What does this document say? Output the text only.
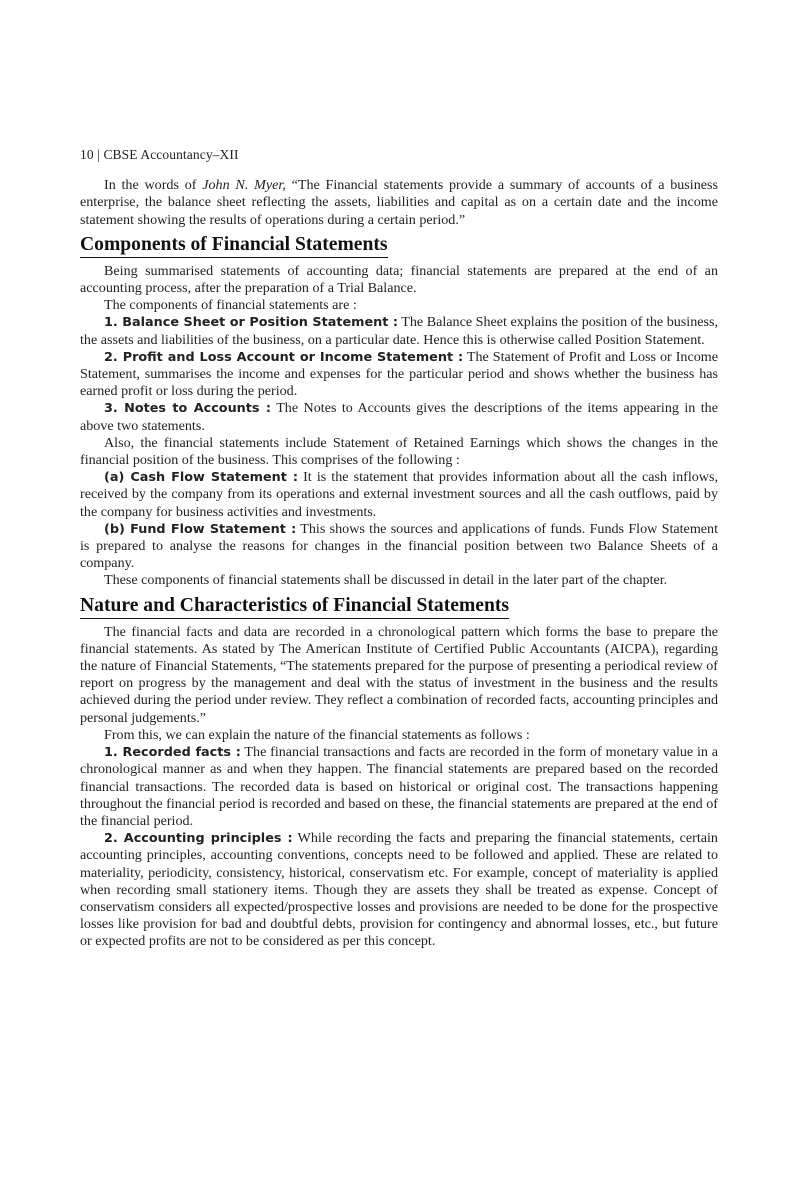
10 | CBSE Accountancy–XII

In the words of John N. Myer, “The Financial statements provide a summary of accounts of a business enterprise, the balance sheet reflecting the assets, liabilities and capital as on a certain date and the income statement showing the results of operations during a certain period.”

Components of Financial Statements

Being summarised statements of accounting data; financial statements are prepared at the end of an accounting process, after the preparation of a Trial Balance.

The components of financial statements are :

1. Balance Sheet or Position Statement : The Balance Sheet explains the position of the business, the assets and liabilities of the business, on a particular date. Hence this is otherwise called Position Statement.

2. Profit and Loss Account or Income Statement : The Statement of Profit and Loss or Income Statement, summarises the income and expenses for the particular period and shows whether the business has earned profit or loss during the period.

3. Notes to Accounts : The Notes to Accounts gives the descriptions of the items appearing in the above two statements.

Also, the financial statements include Statement of Retained Earnings which shows the changes in the financial position of the business. This comprises of the following :

(a) Cash Flow Statement : It is the statement that provides information about all the cash inflows, received by the company from its operations and external investment sources and all the cash outflows, paid by the company for business activities and investments.

(b) Fund Flow Statement : This shows the sources and applications of funds. Funds Flow Statement is prepared to analyse the reasons for changes in the financial position between two Balance Sheets of a company.

These components of financial statements shall be discussed in detail in the later part of the chapter.

Nature and Characteristics of Financial Statements

The financial facts and data are recorded in a chronological pattern which forms the base to prepare the financial statements. As stated by The American Institute of Certified Public Accountants (AICPA), regarding the nature of Financial Statements, “The statements prepared for the purpose of presenting a periodical review of report on progress by the management and deal with the status of investment in the business and the results achieved during the period under review. They reflect a combination of recorded facts, accounting principles and personal judgements.”

From this, we can explain the nature of the financial statements as follows :

1. Recorded facts : The financial transactions and facts are recorded in the form of monetary value in a chronological manner as and when they happen. The financial statements are prepared based on the recorded financial transactions. The recorded data is based on historical or original cost. The transactions happening throughout the financial period is recorded and based on these, the financial statements are prepared at the end of the financial period.

2. Accounting principles : While recording the facts and preparing the financial statements, certain accounting principles, accounting conventions, concepts need to be followed and applied. These are related to materiality, periodicity, consistency, historical, conservatism etc. For example, concept of materiality is applied when recording small stationery items. Though they are assets they shall be treated as expense. Concept of conservatism considers all expected/prospective losses and provisions are needed to be done for the prospective losses like provision for bad and doubtful debts, provision for contingency and abnormal losses, etc., but future or expected profits are not to be considered as per this concept.
